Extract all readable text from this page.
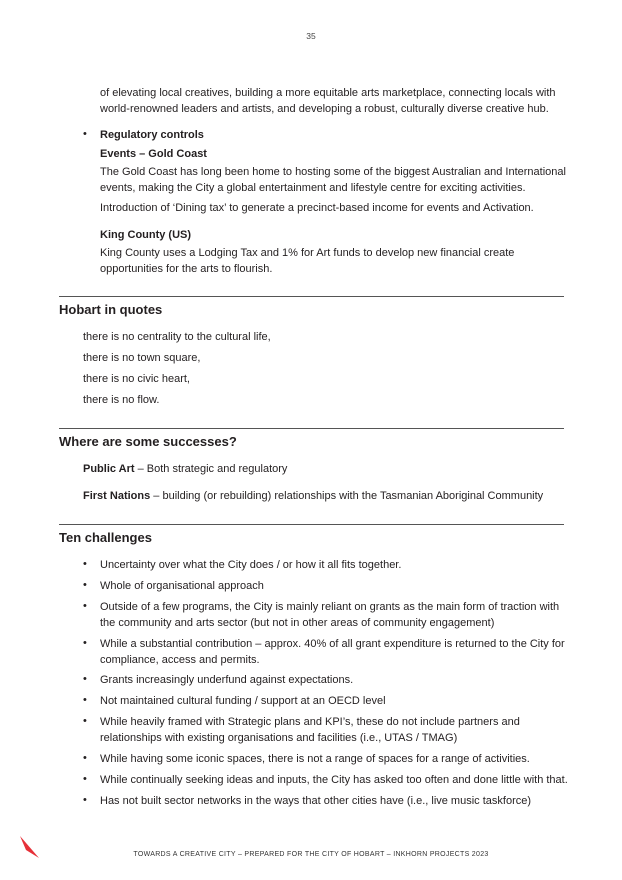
35
of elevating local creatives, building a more equitable arts marketplace, connecting locals with world-renowned leaders and artists, and developing a robust, culturally diverse creative hub.
• Regulatory controls
Events – Gold Coast
The Gold Coast has long been home to hosting some of the biggest Australian and International events, making the City a global entertainment and lifestyle centre for exciting activities.
Introduction of ‘Dining tax’ to generate a precinct-based income for events and Activation.
King County (US)
King County uses a Lodging Tax and 1% for Art funds to develop new financial create opportunities for the arts to flourish.
Hobart in quotes
there is no centrality to the cultural life,
there is no town square,
there is no civic heart,
there is no flow.
Where are some successes?
Public Art – Both strategic and regulatory
First Nations – building (or rebuilding) relationships with the Tasmanian Aboriginal Community
Ten challenges
• Uncertainty over what the City does / or how it all fits together.
• Whole of organisational approach
• Outside of a few programs, the City is mainly reliant on grants as the main form of traction with the community and arts sector (but not in other areas of community engagement)
• While a substantial contribution – approx. 40% of all grant expenditure is returned to the City for compliance, access and permits.
• Grants increasingly underfund against expectations.
• Not maintained cultural funding / support at an OECD level
• While heavily framed with Strategic plans and KPI’s, these do not include partners and relationships with existing organisations and facilities (i.e., UTAS / TMAG)
• While having some iconic spaces, there is not a range of spaces for a range of activities.
• While continually seeking ideas and inputs, the City has asked too often and done little with that.
• Has not built sector networks in the ways that other cities have (i.e., live music taskforce)
TOWARDS A CREATIVE CITY – PREPARED FOR THE CITY OF HOBART – INKHORN PROJECTS 2023
